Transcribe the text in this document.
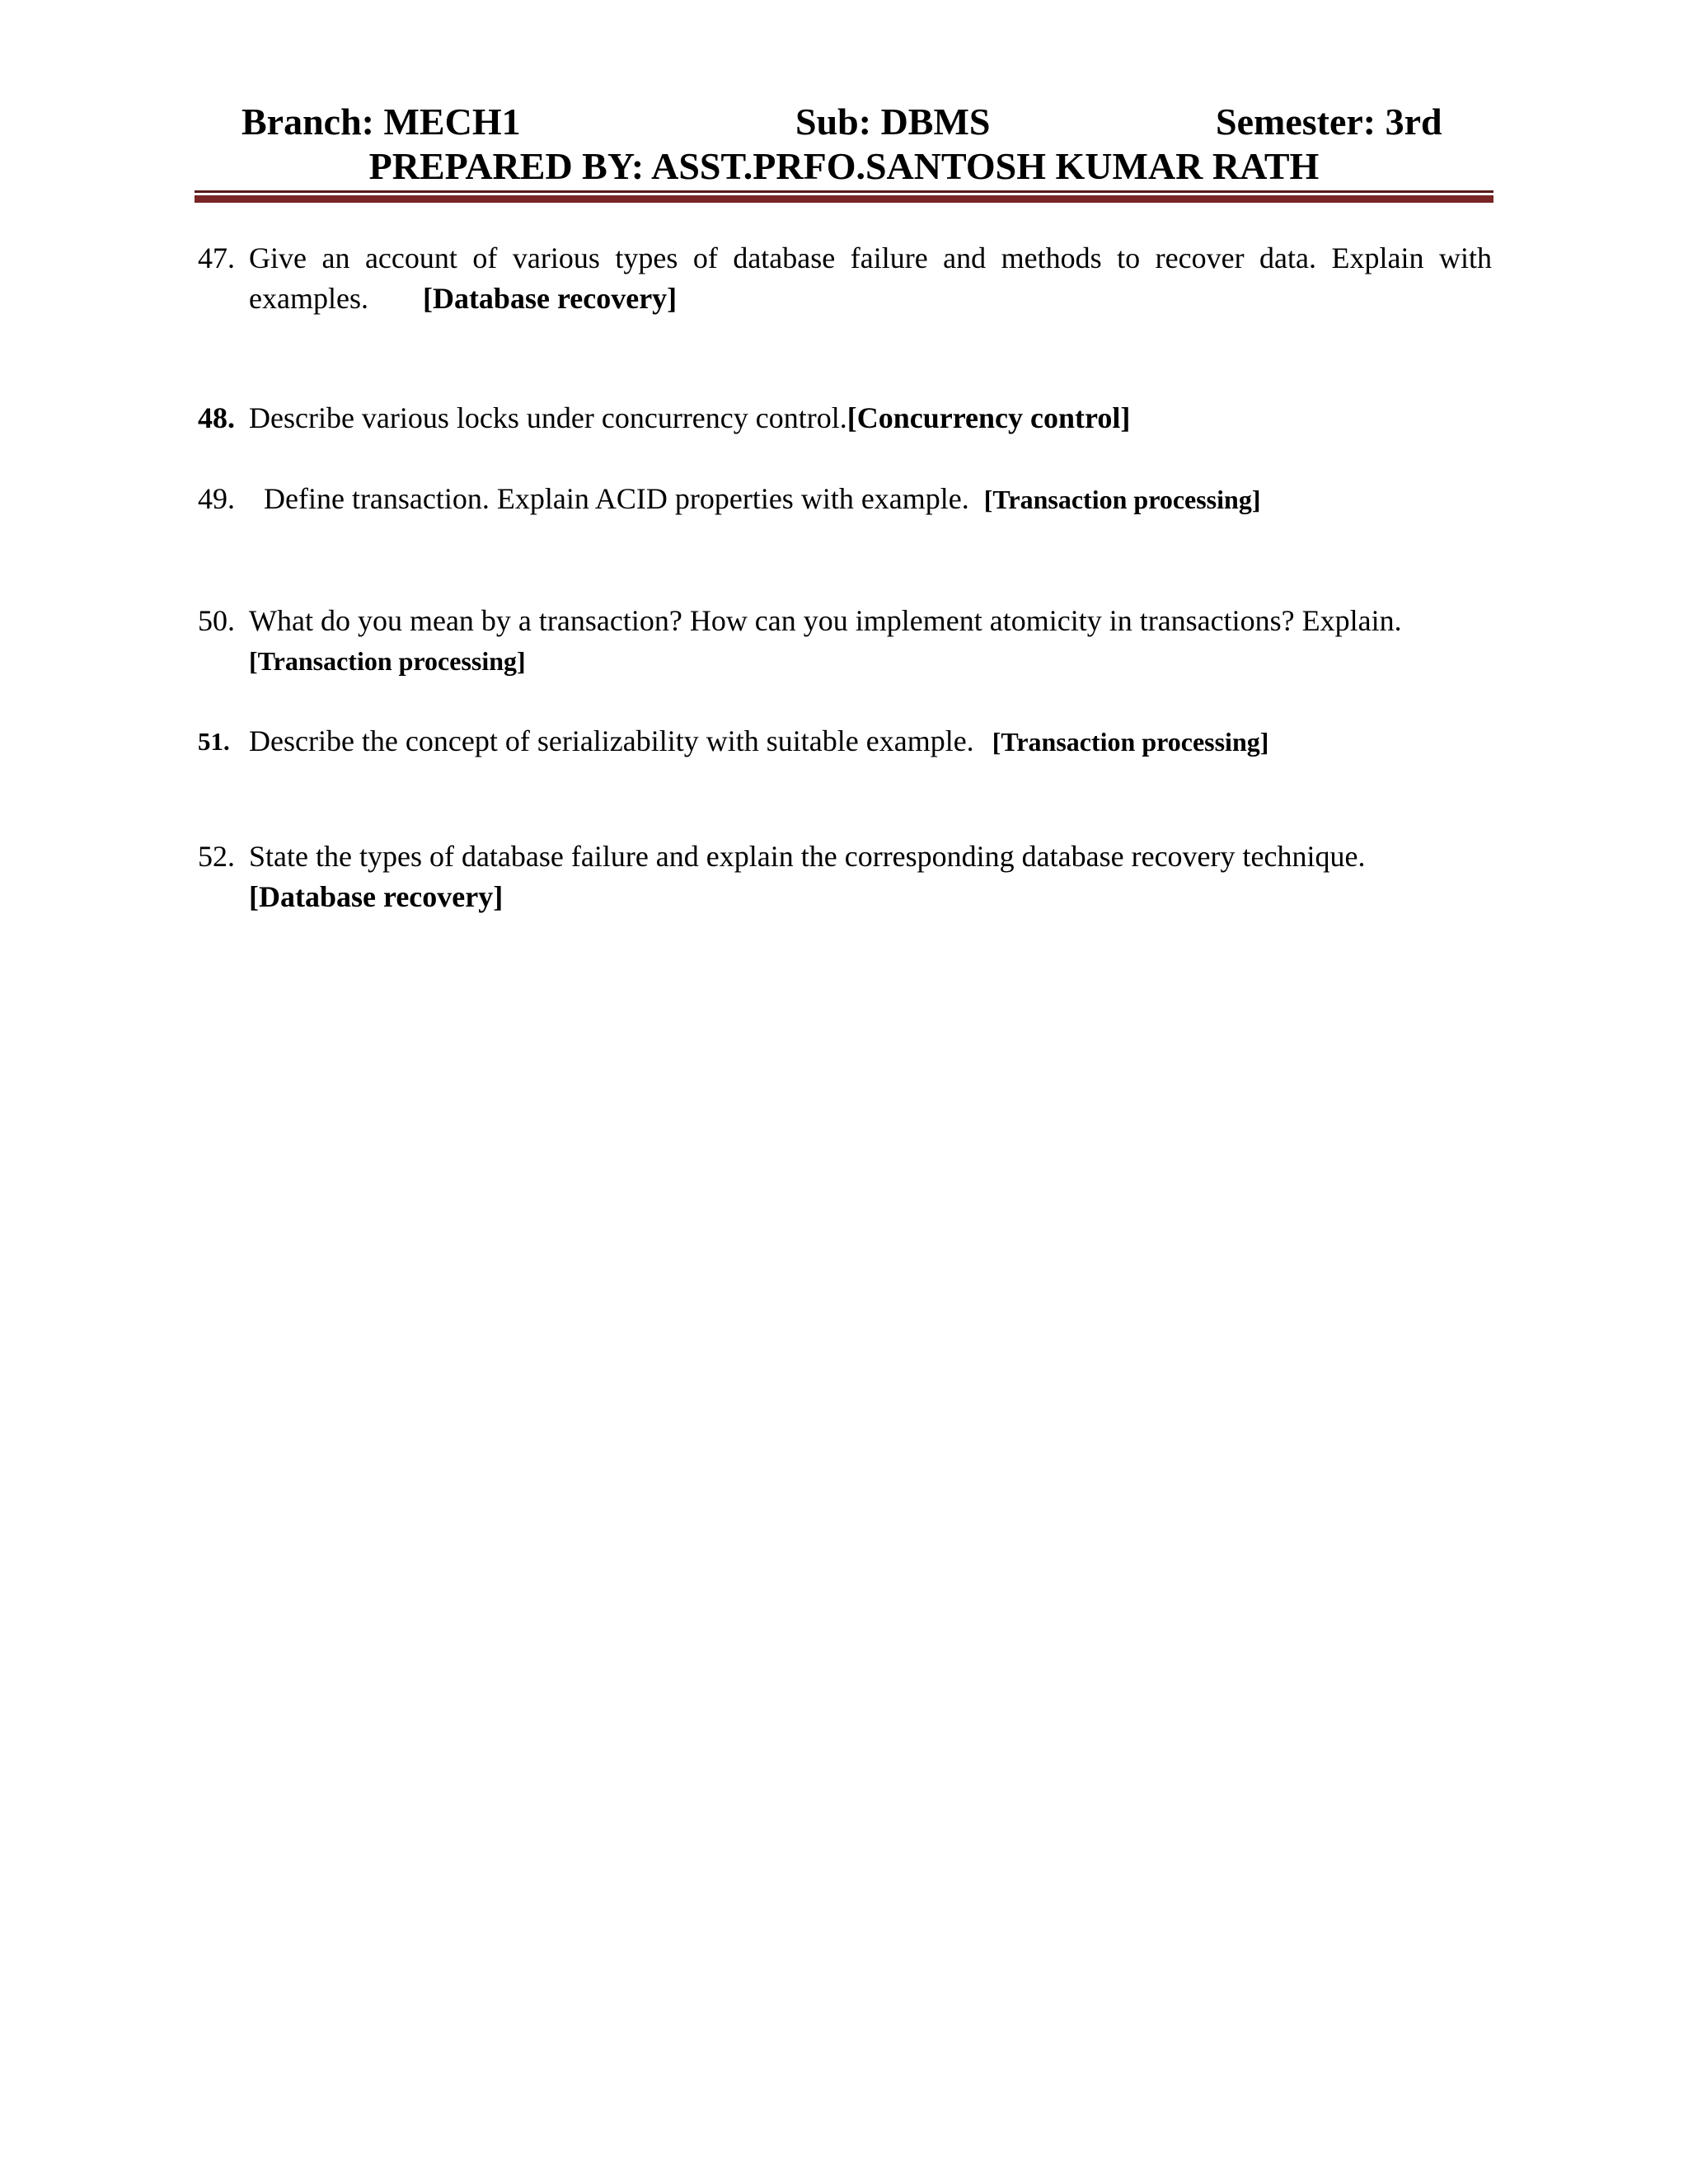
Branch: MECH1	Sub: DBMS	Semester: 3rd
PREPARED BY: ASST.PRFO.SANTOSH KUMAR RATH
47. Give an account of various types of database failure and methods to recover data. Explain with
examples. [Database recovery]
48. Describe various locks under concurrency control.[Concurrency control]
49. Define transaction. Explain ACID properties with example. [Transaction processing]
50. What do you mean by a transaction? How can you implement atomicity in transactions? Explain.
[Transaction processing]
51. Describe the concept of serializability with suitable example. [Transaction processing]
52. State the types of database failure and explain the corresponding database recovery technique.
[Database recovery]
